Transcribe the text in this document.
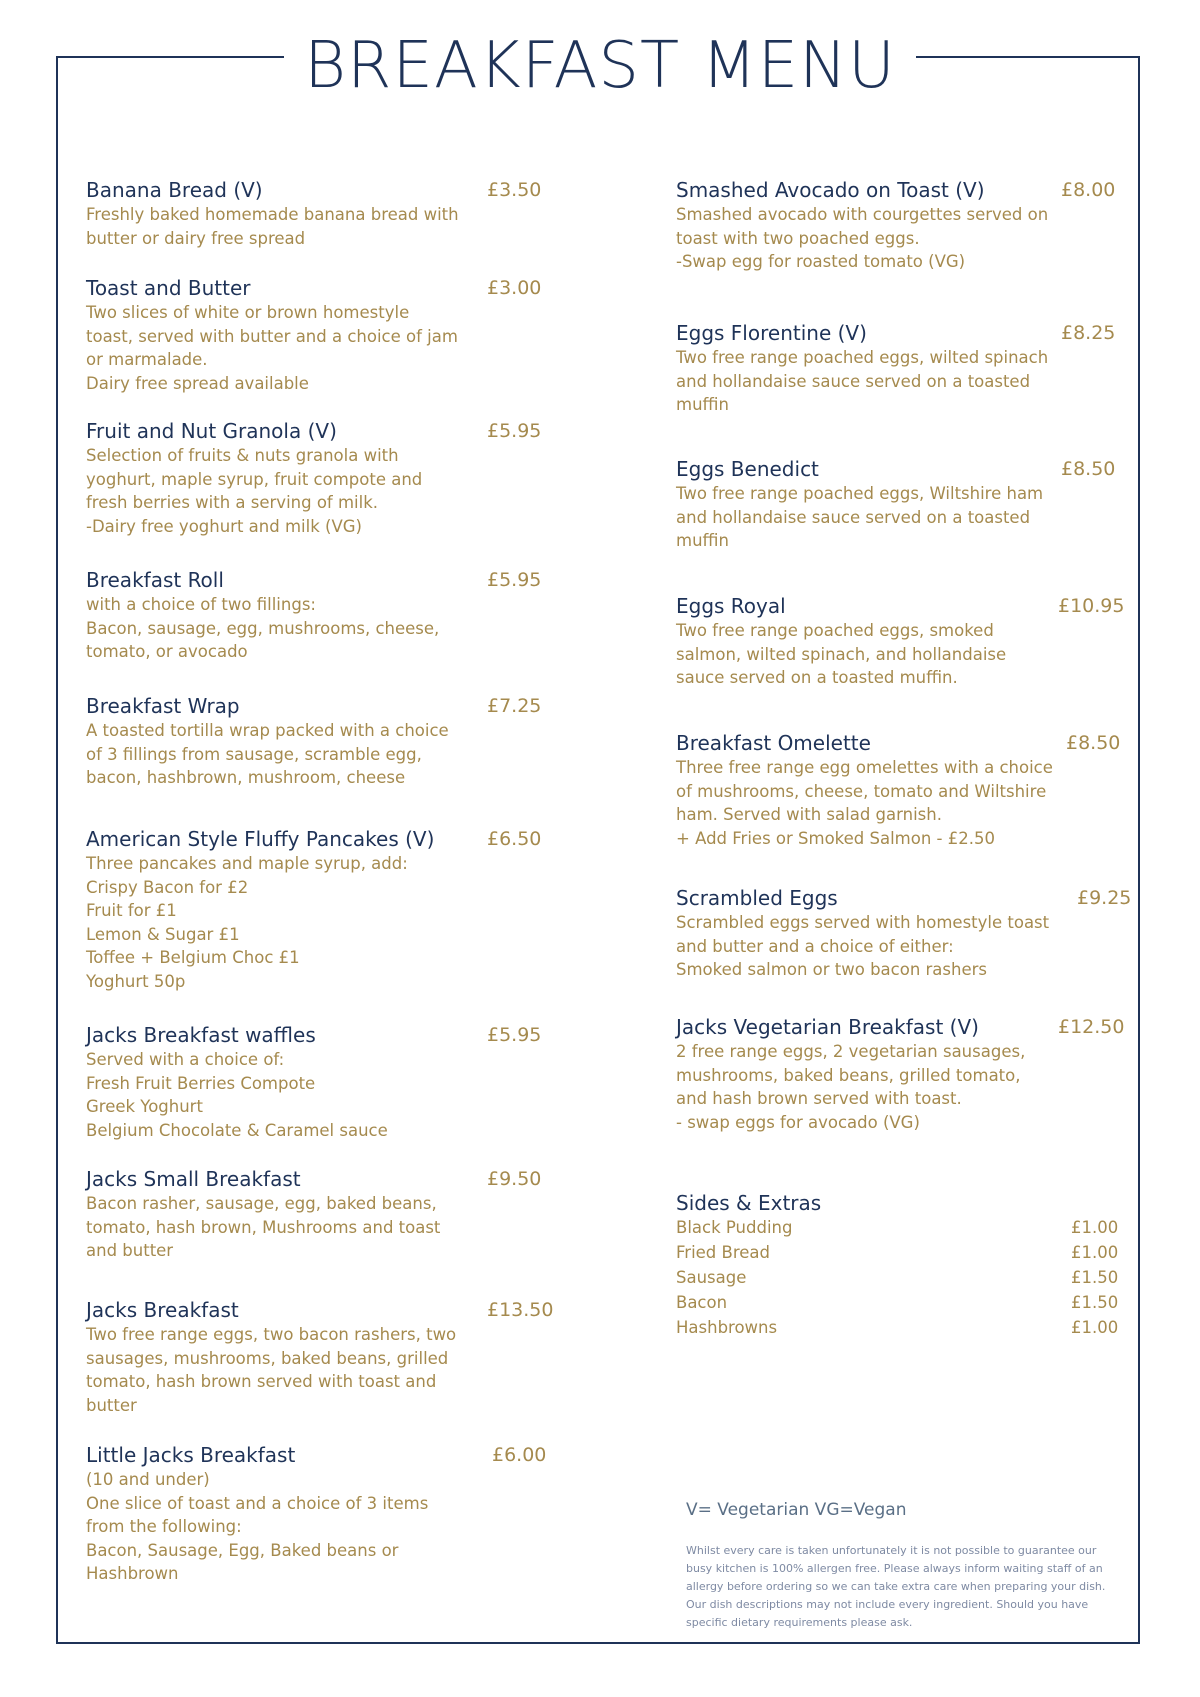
BREAKFAST MENU
Banana Bread (V)
Freshly baked homemade banana bread with
butter or dairy free spread
£3.50
Toast and Butter
Two slices of white or brown homestyle
toast, served with butter and a choice of jam
or marmalade.
Dairy free spread available
£3.00
Fruit and Nut Granola (V)
Selection of fruits & nuts granola with
yoghurt, maple syrup, fruit compote and
fresh berries with a serving of milk.
-Dairy free yoghurt and milk (VG)
£5.95
Breakfast Roll
with a choice of two fillings:
Bacon, sausage, egg, mushrooms, cheese,
tomato, or avocado
£5.95
Breakfast Wrap
A toasted tortilla wrap packed with a choice
of 3 fillings from sausage, scramble egg,
bacon, hashbrown, mushroom, cheese
£7.25
American Style Fluffy Pancakes (V)
Three pancakes and maple syrup, add:
Crispy Bacon for £2
Fruit for £1
Lemon & Sugar £1
Toffee + Belgium Choc £1
Yoghurt 50p
£6.50
Jacks Breakfast waffles
Served with a choice of:
Fresh Fruit Berries Compote
Greek Yoghurt
Belgium Chocolate & Caramel sauce
£5.95
Jacks Small Breakfast
Bacon rasher, sausage, egg, baked beans,
tomato, hash brown, Mushrooms and toast
and butter
£9.50
Jacks Breakfast
Two free range eggs, two bacon rashers, two
sausages, mushrooms, baked beans, grilled
tomato, hash brown served with toast and
butter
£13.50
Little Jacks Breakfast
(10 and under)
One slice of toast and a choice of 3 items
from the following:
Bacon, Sausage, Egg, Baked beans or
Hashbrown
£6.00
Smashed Avocado on Toast (V)
Smashed avocado with courgettes served on
toast with two poached eggs.
-Swap egg for roasted tomato (VG)
£8.00
Eggs Florentine (V)
Two free range poached eggs, wilted spinach
and hollandaise sauce served on a toasted
muffin
£8.25
Eggs Benedict
Two free range poached eggs, Wiltshire ham
and hollandaise sauce served on a toasted
muffin
£8.50
Eggs Royal
Two free range poached eggs, smoked
salmon, wilted spinach, and hollandaise
sauce served on a toasted muffin.
£10.95
Breakfast Omelette
Three free range egg omelettes with a choice
of mushrooms, cheese, tomato and Wiltshire
ham. Served with salad garnish.
+ Add Fries or Smoked Salmon - £2.50
£8.50
Scrambled Eggs
Scrambled eggs served with homestyle toast
and butter and a choice of either:
Smoked salmon or two bacon rashers
£9.25
Jacks Vegetarian Breakfast (V)
2 free range eggs, 2 vegetarian sausages,
mushrooms, baked beans, grilled tomato,
and hash brown served with toast.
- swap eggs for avocado (VG)
£12.50
Sides & Extras
Black Pudding	£1.00
Fried Bread	£1.00
Sausage	£1.50
Bacon	£1.50
Hashbrowns	£1.00
V= Vegetarian VG=Vegan
Whilst every care is taken unfortunately it is not possible to guarantee our busy kitchen is 100% allergen free. Please always inform waiting staff of an allergy before ordering so we can take extra care when preparing your dish. Our dish descriptions may not include every ingredient. Should you have specific dietary requirements please ask.
